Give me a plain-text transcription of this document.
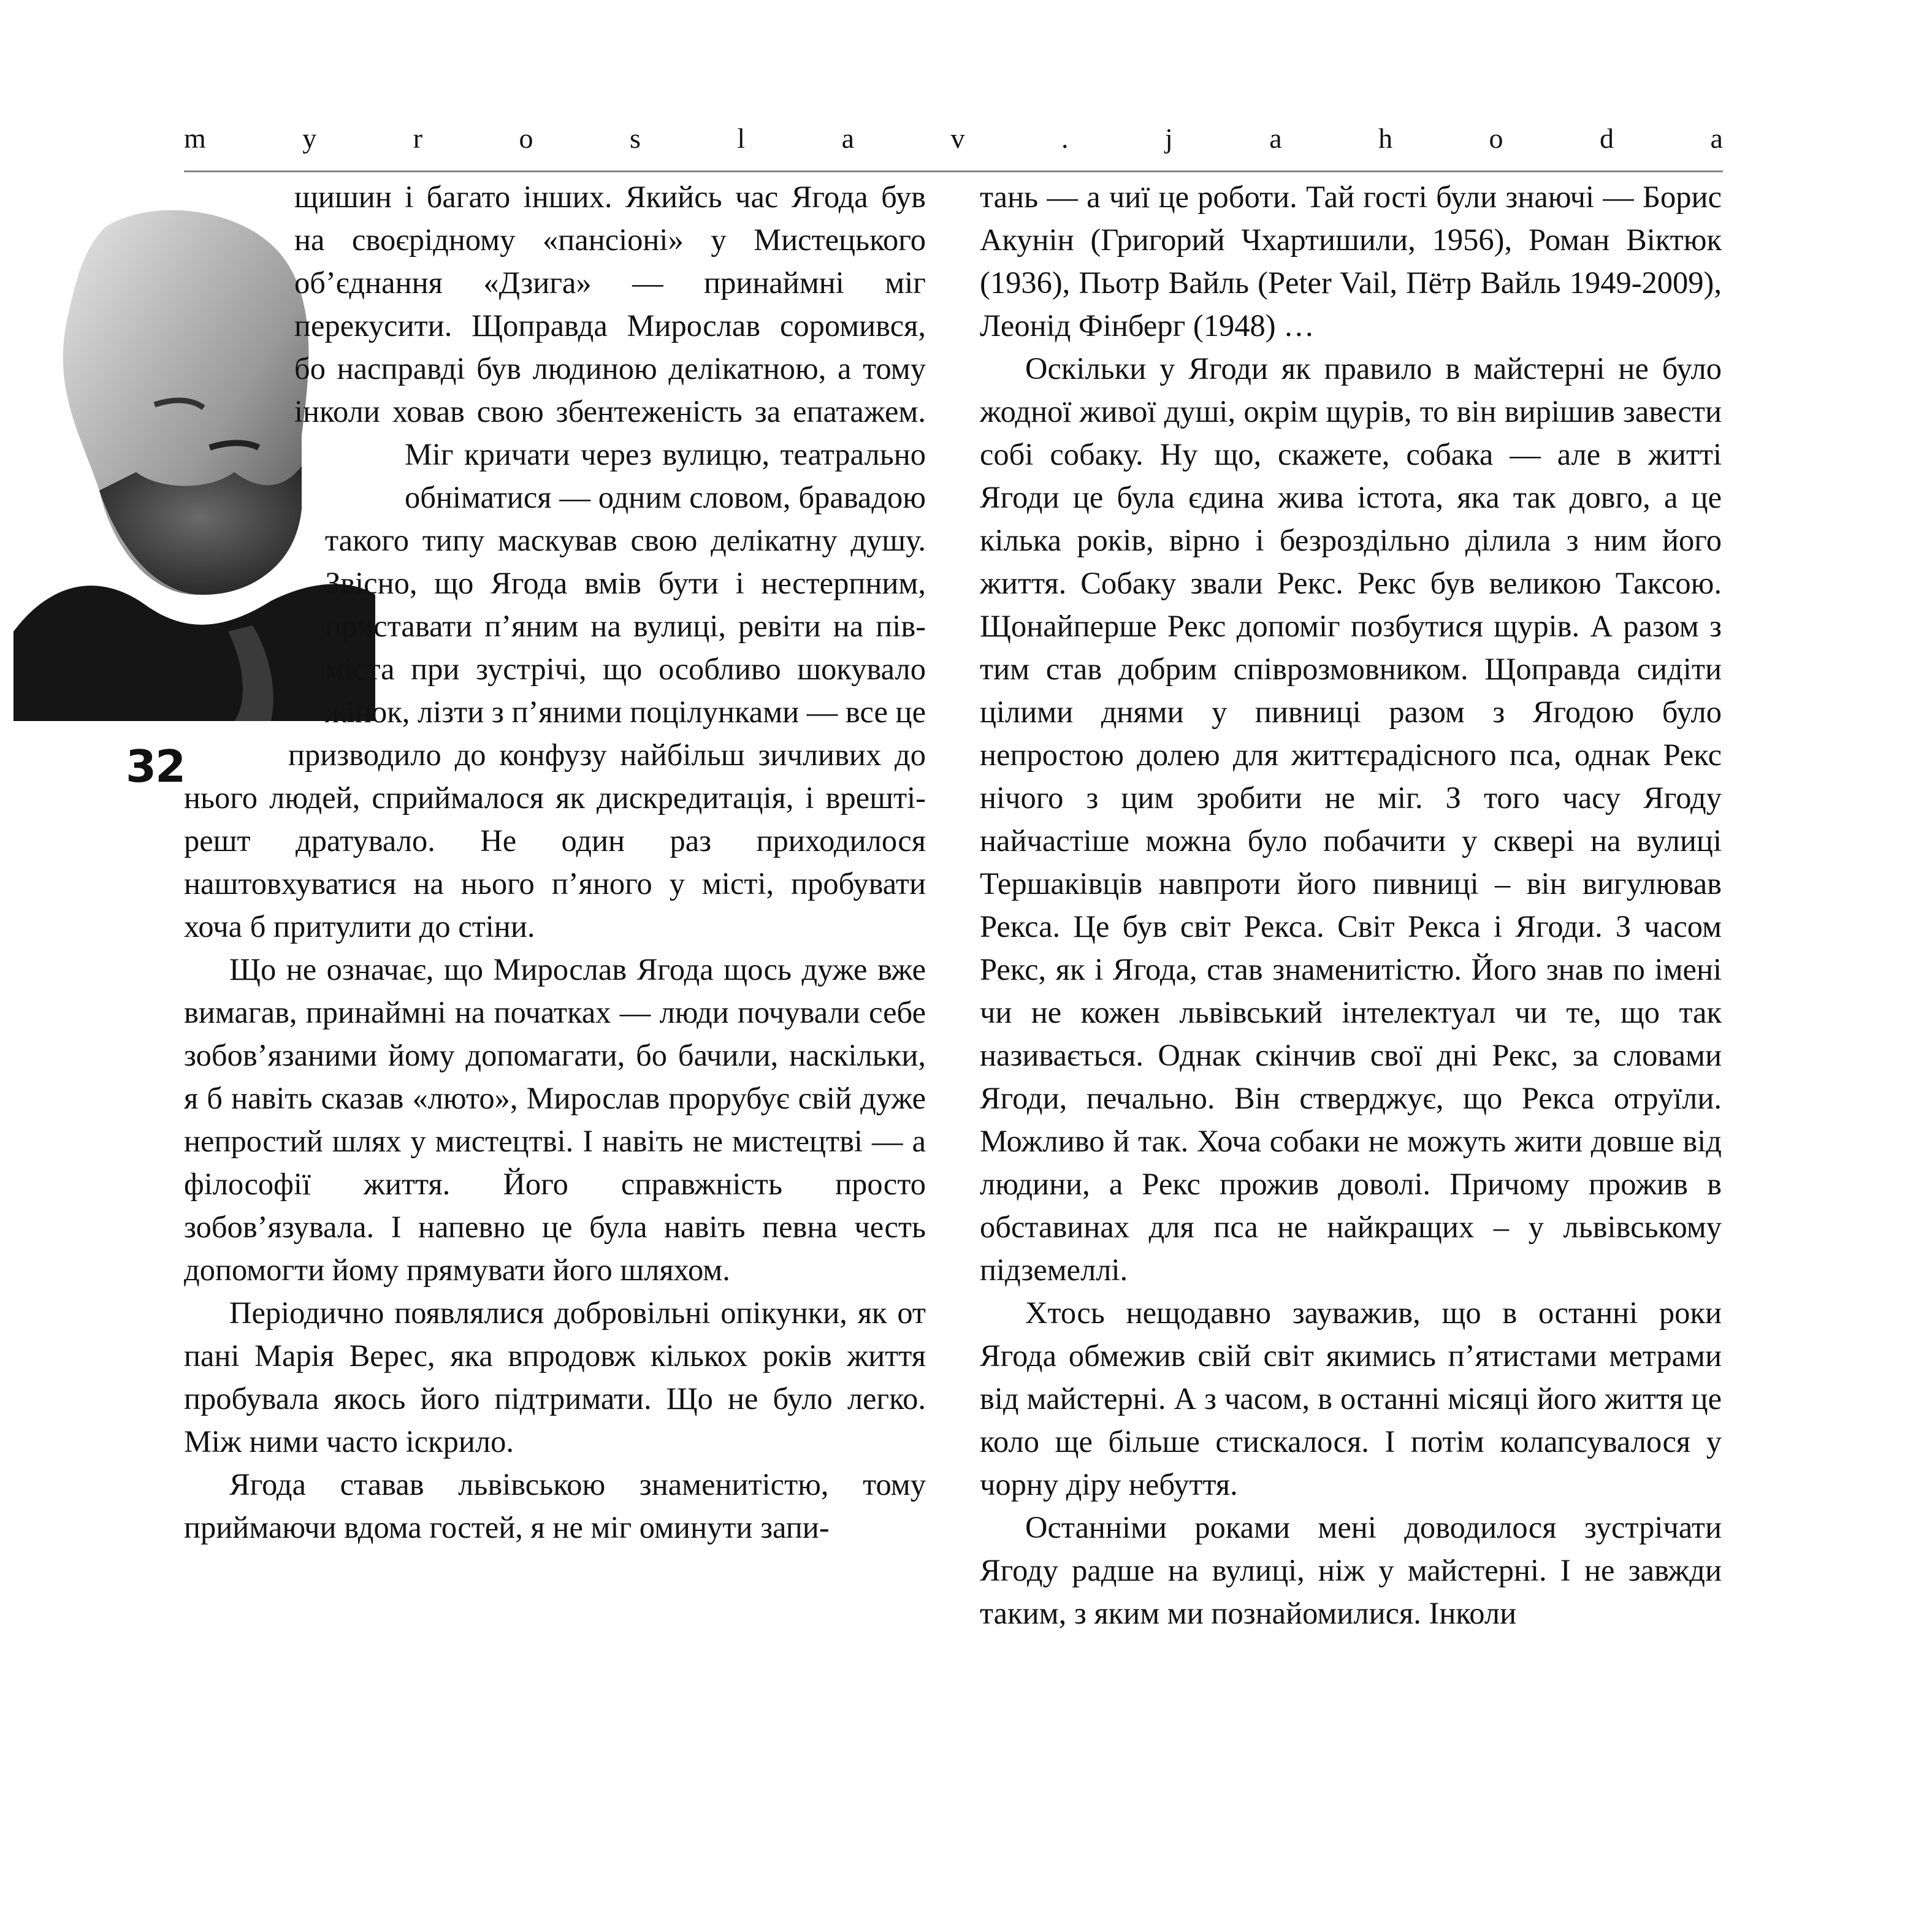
m	y	r	o	s	l	a	v	.	j	a	h	o	d	a
32

щишин і багато інших. Якийсь час Ягода був на своєрідному «пансіоні» у Мистецького об’єднання «Дзига» — принаймні міг перекусити. Щоправда Мирослав соромився, бо насправді був людиною делікатною, а тому інколи ховав свою збентеженість за епатажем. Міг кричати через вулицю, театрально обніматися — одним словом, бравадою такого типу маскував свою делікатну душу. Звісно, що Ягода вмів бути і нестерпним, приставати п’яним на вулиці, ревіти на пів-міста при зустрічі, що особливо шокувало жінок, лізти з п’яними поцілунками — все це призводило до конфузу найбільш зичливих до нього людей, сприймалося як дискредитація, і врешті-решт дратувало. Не один раз приходилося наштовхуватися на нього п’яного у місті, пробувати хоча б притулити до стіни.

Що не означає, що Мирослав Ягода щось дуже вже вимагав, принаймні на початках — люди почували себе зобов’язаними йому допомагати, бо бачили, наскільки, я б навіть сказав «люто», Мирослав прорубує свій дуже непростий шлях у мистецтві. І навіть не мистецтві — а філософії життя. Його справжність просто зобов’язувала. І напевно це була навіть певна честь допомогти йому прямувати його шляхом.

Періодично появлялися добровільні опікунки, як от пані Марія Верес, яка впродовж кількох років життя пробувала якось його підтримати. Що не було легко. Між ними часто іскрило.

Ягода ставав львівською знаменитістю, тому приймаючи вдома гостей, я не міг оминути запи-

тань — а чиї це роботи. Тай гості були знаючі — Борис Акунін (Григорий Чхартишили, 1956), Роман Віктюк (1936), Пьотр Вайль (Peter Vail, Пётр Вайль 1949-2009), Леонід Фінберг (1948) …

Оскільки у Ягоди як правило в майстерні не було жодної живої душі, окрім щурів, то він вирішив завести собі собаку. Ну що, скажете, собака — але в житті Ягоди це була єдина жива істота, яка так довго, а це кілька років, вірно і безроздільно ділила з ним його життя. Собаку звали Рекс. Рекс був великою Таксою. Щонайперше Рекс допоміг позбутися щурів. А разом з тим став добрим співрозмовником. Щоправда сидіти цілими днями у пивниці разом з Ягодою було непростою долею для життєрадісного пса, однак Рекс нічого з цим зробити не міг. З того часу Ягоду найчастіше можна було побачити у сквері на вулиці Тершаківців навпроти його пивниці – він вигулював Рекса. Це був світ Рекса. Світ Рекса і Ягоди. З часом Рекс, як і Ягода, став знаменитістю. Його знав по імені чи не кожен львівський інтелектуал чи те, що так називається. Однак скінчив свої дні Рекс, за словами Ягоди, печально. Він стверджує, що Рекса отруїли. Можливо й так. Хоча собаки не можуть жити довше від людини, а Рекс прожив доволі. Причому прожив в обставинах для пса не найкращих – у львівському підземеллі.

Хтось нещодавно зауважив, що в останні роки Ягода обмежив свій світ якимись п’ятистами метрами від майстерні. А з часом, в останні місяці його життя це коло ще більше стискалося. І потім колапсувалося у чорну діру небуття.

Останніми роками мені доводилося зустрічати Ягоду радше на вулиці, ніж у майстерні. І не завжди таким, з яким ми познайомилися. Інколи
